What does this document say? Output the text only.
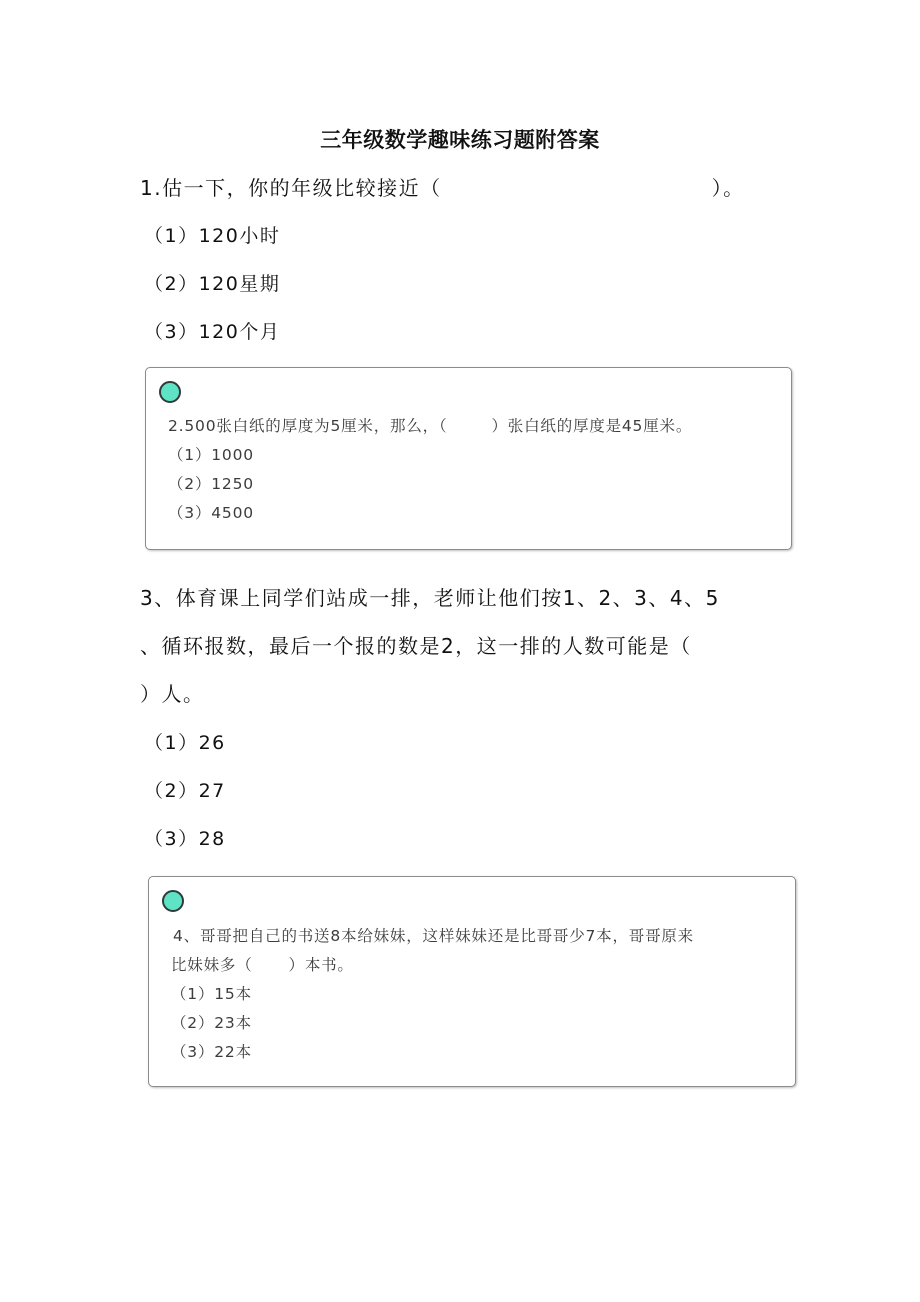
三年级数学趣味练习题附答案
1.估一下，你的年级比较接近（	）。
（1）120小时
（2）120星期
（3）120个月
2.500张白纸的厚度为5厘米，那么，（	）张白纸的厚度是45厘米。
（1）1000
（2）1250
（3）4500
3、体育课上同学们站成一排，老师让他们按1、2、3、4、5
、循环报数，最后一个报的数是2，这一排的人数可能是（
）人。
（1）26
（2）27
（3）28
4、哥哥把自己的书送8本给妹妹，这样妹妹还是比哥哥少7本，哥哥原来
比妹妹多（ ）本书。
（1）15本
（2）23本
（3）22本
